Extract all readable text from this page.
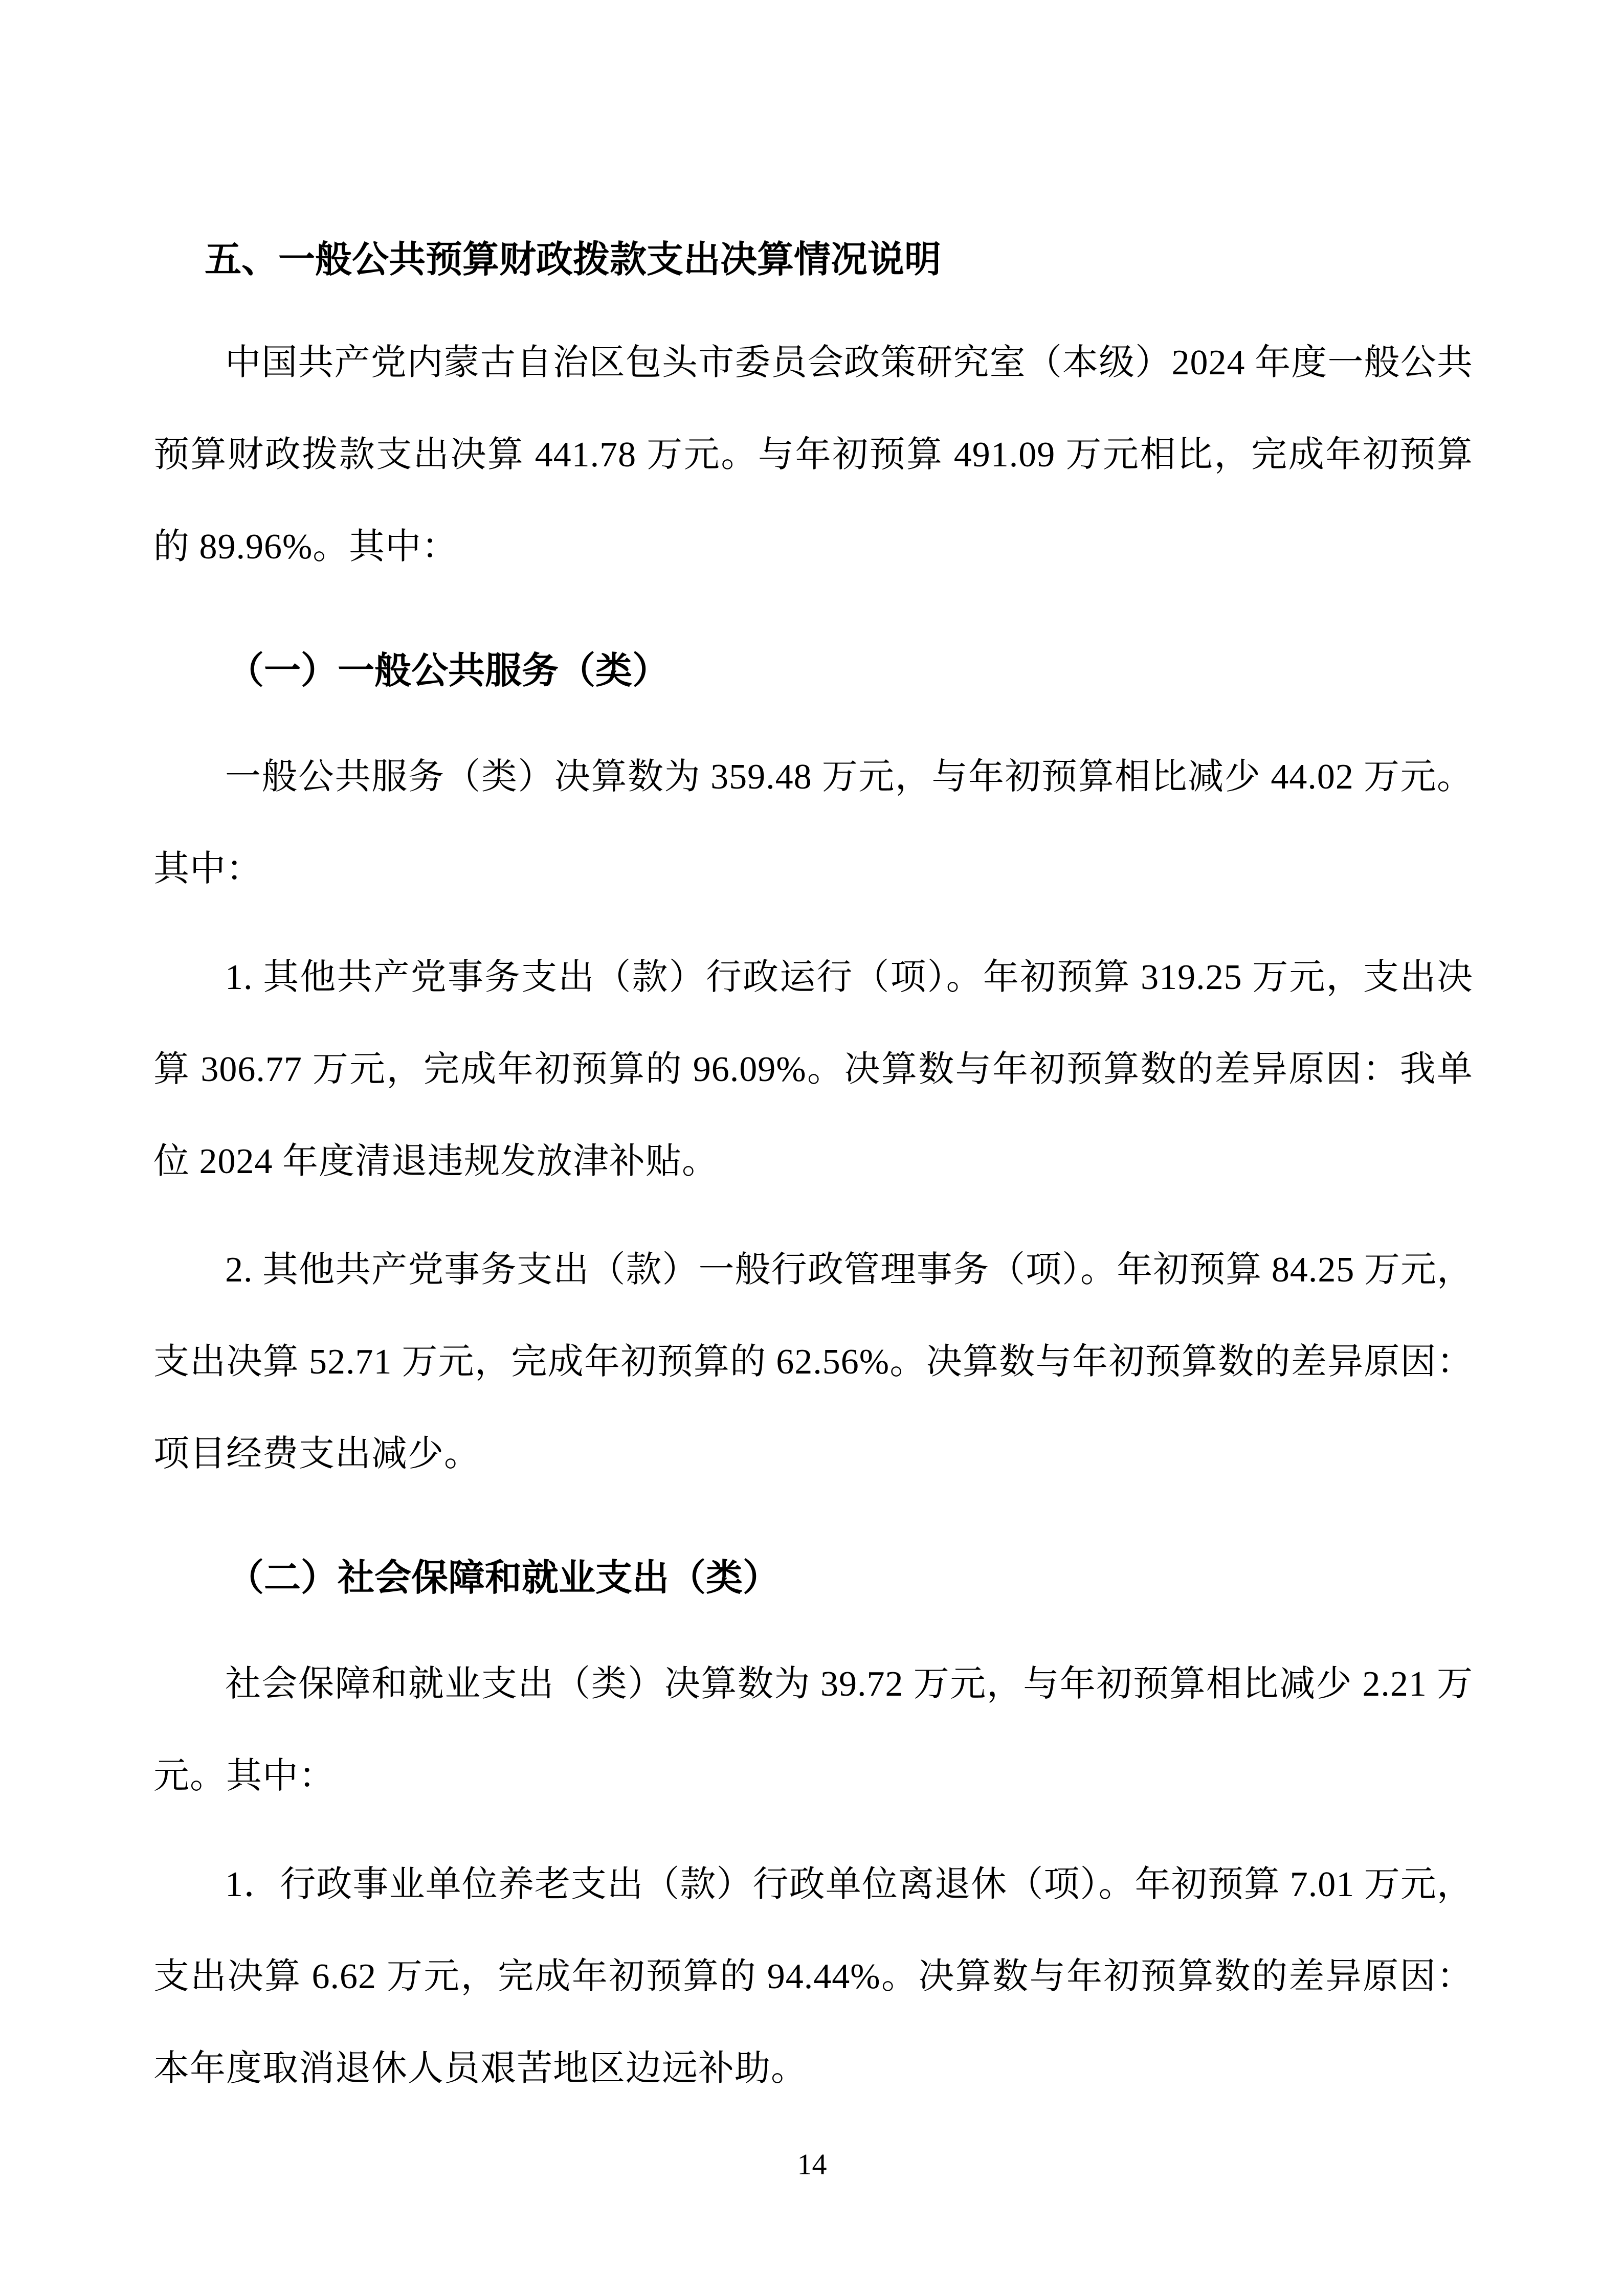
五、一般公共预算财政拨款支出决算情况说明

中国共产党内蒙古自治区包头市委员会政策研究室（本级）2024 年度一般公共预算财政拨款支出决算 441.78 万元。与年初预算 491.09 万元相比，完成年初预算的 89.96%。其中：

（一）一般公共服务（类）

一般公共服务（类）决算数为 359.48 万元，与年初预算相比减少 44.02 万元。其中：

1. 其他共产党事务支出（款）行政运行（项）。年初预算 319.25 万元，支出决算 306.77 万元，完成年初预算的 96.09%。决算数与年初预算数的差异原因：我单位 2024 年度清退违规发放津补贴。

2. 其他共产党事务支出（款）一般行政管理事务（项）。年初预算 84.25 万元，支出决算 52.71 万元，完成年初预算的 62.56%。决算数与年初预算数的差异原因：项目经费支出减少。

（二）社会保障和就业支出（类）

社会保障和就业支出（类）决算数为 39.72 万元，与年初预算相比减少 2.21 万元。其中：

1．行政事业单位养老支出（款）行政单位离退休（项）。年初预算 7.01 万元，支出决算 6.62 万元，完成年初预算的 94.44%。决算数与年初预算数的差异原因：本年度取消退休人员艰苦地区边远补助。

14
